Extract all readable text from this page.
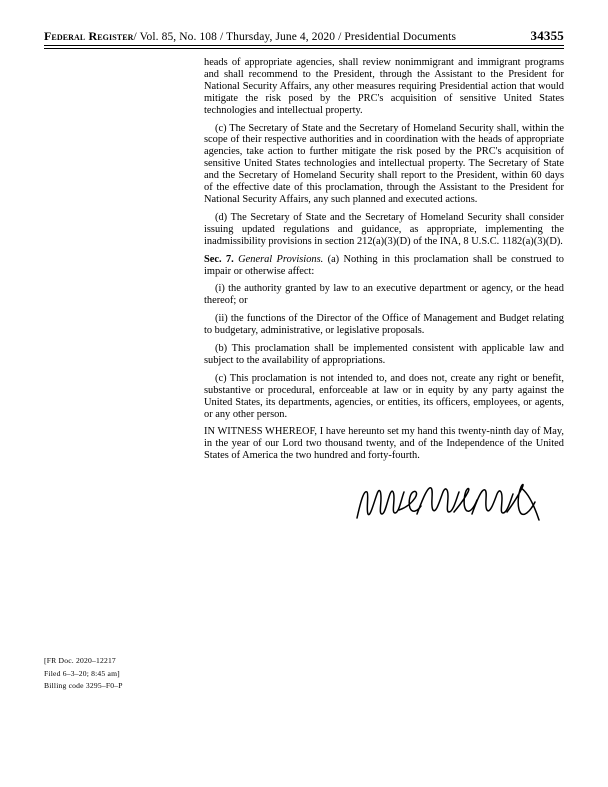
Federal Register/ Vol. 85, No. 108 / Thursday, June 4, 2020 / Presidential Documents	34355

heads of appropriate agencies, shall review nonimmigrant and immigrant programs and shall recommend to the President, through the Assistant to the President for National Security Affairs, any other measures requiring Presidential action that would mitigate the risk posed by the PRC's acquisition of sensitive United States technologies and intellectual property.

(c) The Secretary of State and the Secretary of Homeland Security shall, within the scope of their respective authorities and in coordination with the heads of appropriate agencies, take action to further mitigate the risk posed by the PRC's acquisition of sensitive United States technologies and intellectual property. The Secretary of State and the Secretary of Homeland Security shall report to the President, within 60 days of the effective date of this proclamation, through the Assistant to the President for National Security Affairs, any such planned and executed actions.

(d) The Secretary of State and the Secretary of Homeland Security shall consider issuing updated regulations and guidance, as appropriate, implementing the inadmissibility provisions in section 212(a)(3)(D) of the INA, 8 U.S.C. 1182(a)(3)(D).

Sec. 7. General Provisions. (a) Nothing in this proclamation shall be construed to impair or otherwise affect:

(i) the authority granted by law to an executive department or agency, or the head thereof; or

(ii) the functions of the Director of the Office of Management and Budget relating to budgetary, administrative, or legislative proposals.

(b) This proclamation shall be implemented consistent with applicable law and subject to the availability of appropriations.

(c) This proclamation is not intended to, and does not, create any right or benefit, substantive or procedural, enforceable at law or in equity by any party against the United States, its departments, agencies, or entities, its officers, employees, or agents, or any other person.

IN WITNESS WHEREOF, I have hereunto set my hand this twenty-ninth day of May, in the year of our Lord two thousand twenty, and of the Independence of the United States of America the two hundred and forty-fourth.

[FR Doc. 2020–12217
Filed 6–3–20; 8:45 am]
Billing code 3295–F0–P
